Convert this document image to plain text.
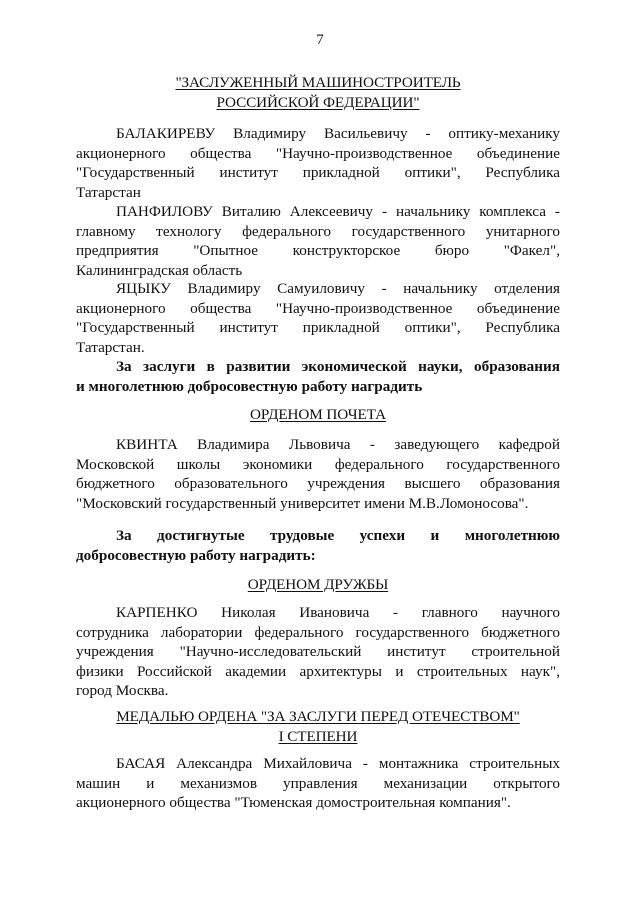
7
"ЗАСЛУЖЕННЫЙ МАШИНОСТРОИТЕЛЬ
РОССИЙСКОЙ ФЕДЕРАЦИИ"
БАЛАКИРЕВУ Владимиру Васильевичу - оптику-механику
акционерного общества "Научно-производственное объединение
"Государственный институт прикладной оптики", Республика
Татарстан
ПАНФИЛОВУ Виталию Алексеевичу - начальнику комплекса -
главному технологу федерального государственного унитарного
предприятия "Опытное конструкторское бюро "Факел",
Калининградская область
ЯЦЫКУ Владимиру Самуиловичу - начальнику отделения
акционерного общества "Научно-производственное объединение
"Государственный институт прикладной оптики", Республика
Татарстан.
За заслуги в развитии экономической науки, образования
и многолетнюю добросовестную работу наградить
ОРДЕНОМ ПОЧЕТА
КВИНТА Владимира Львовича - заведующего кафедрой
Московской школы экономики федерального государственного
бюджетного образовательного учреждения высшего образования
"Московский государственный университет имени М.В.Ломоносова".
За достигнутые трудовые успехи и многолетнюю
добросовестную работу наградить:
ОРДЕНОМ ДРУЖБЫ
КАРПЕНКО Николая Ивановича - главного научного
сотрудника лаборатории федерального государственного бюджетного
учреждения "Научно-исследовательский институт строительной
физики Российской академии архитектуры и строительных наук",
город Москва.
МЕДАЛЬЮ ОРДЕНА "ЗА ЗАСЛУГИ ПЕРЕД ОТЕЧЕСТВОМ"
I СТЕПЕНИ
БАСАЯ Александра Михайловича - монтажника строительных
машин и механизмов управления механизации открытого
акционерного общества "Тюменская домостроительная компания".
